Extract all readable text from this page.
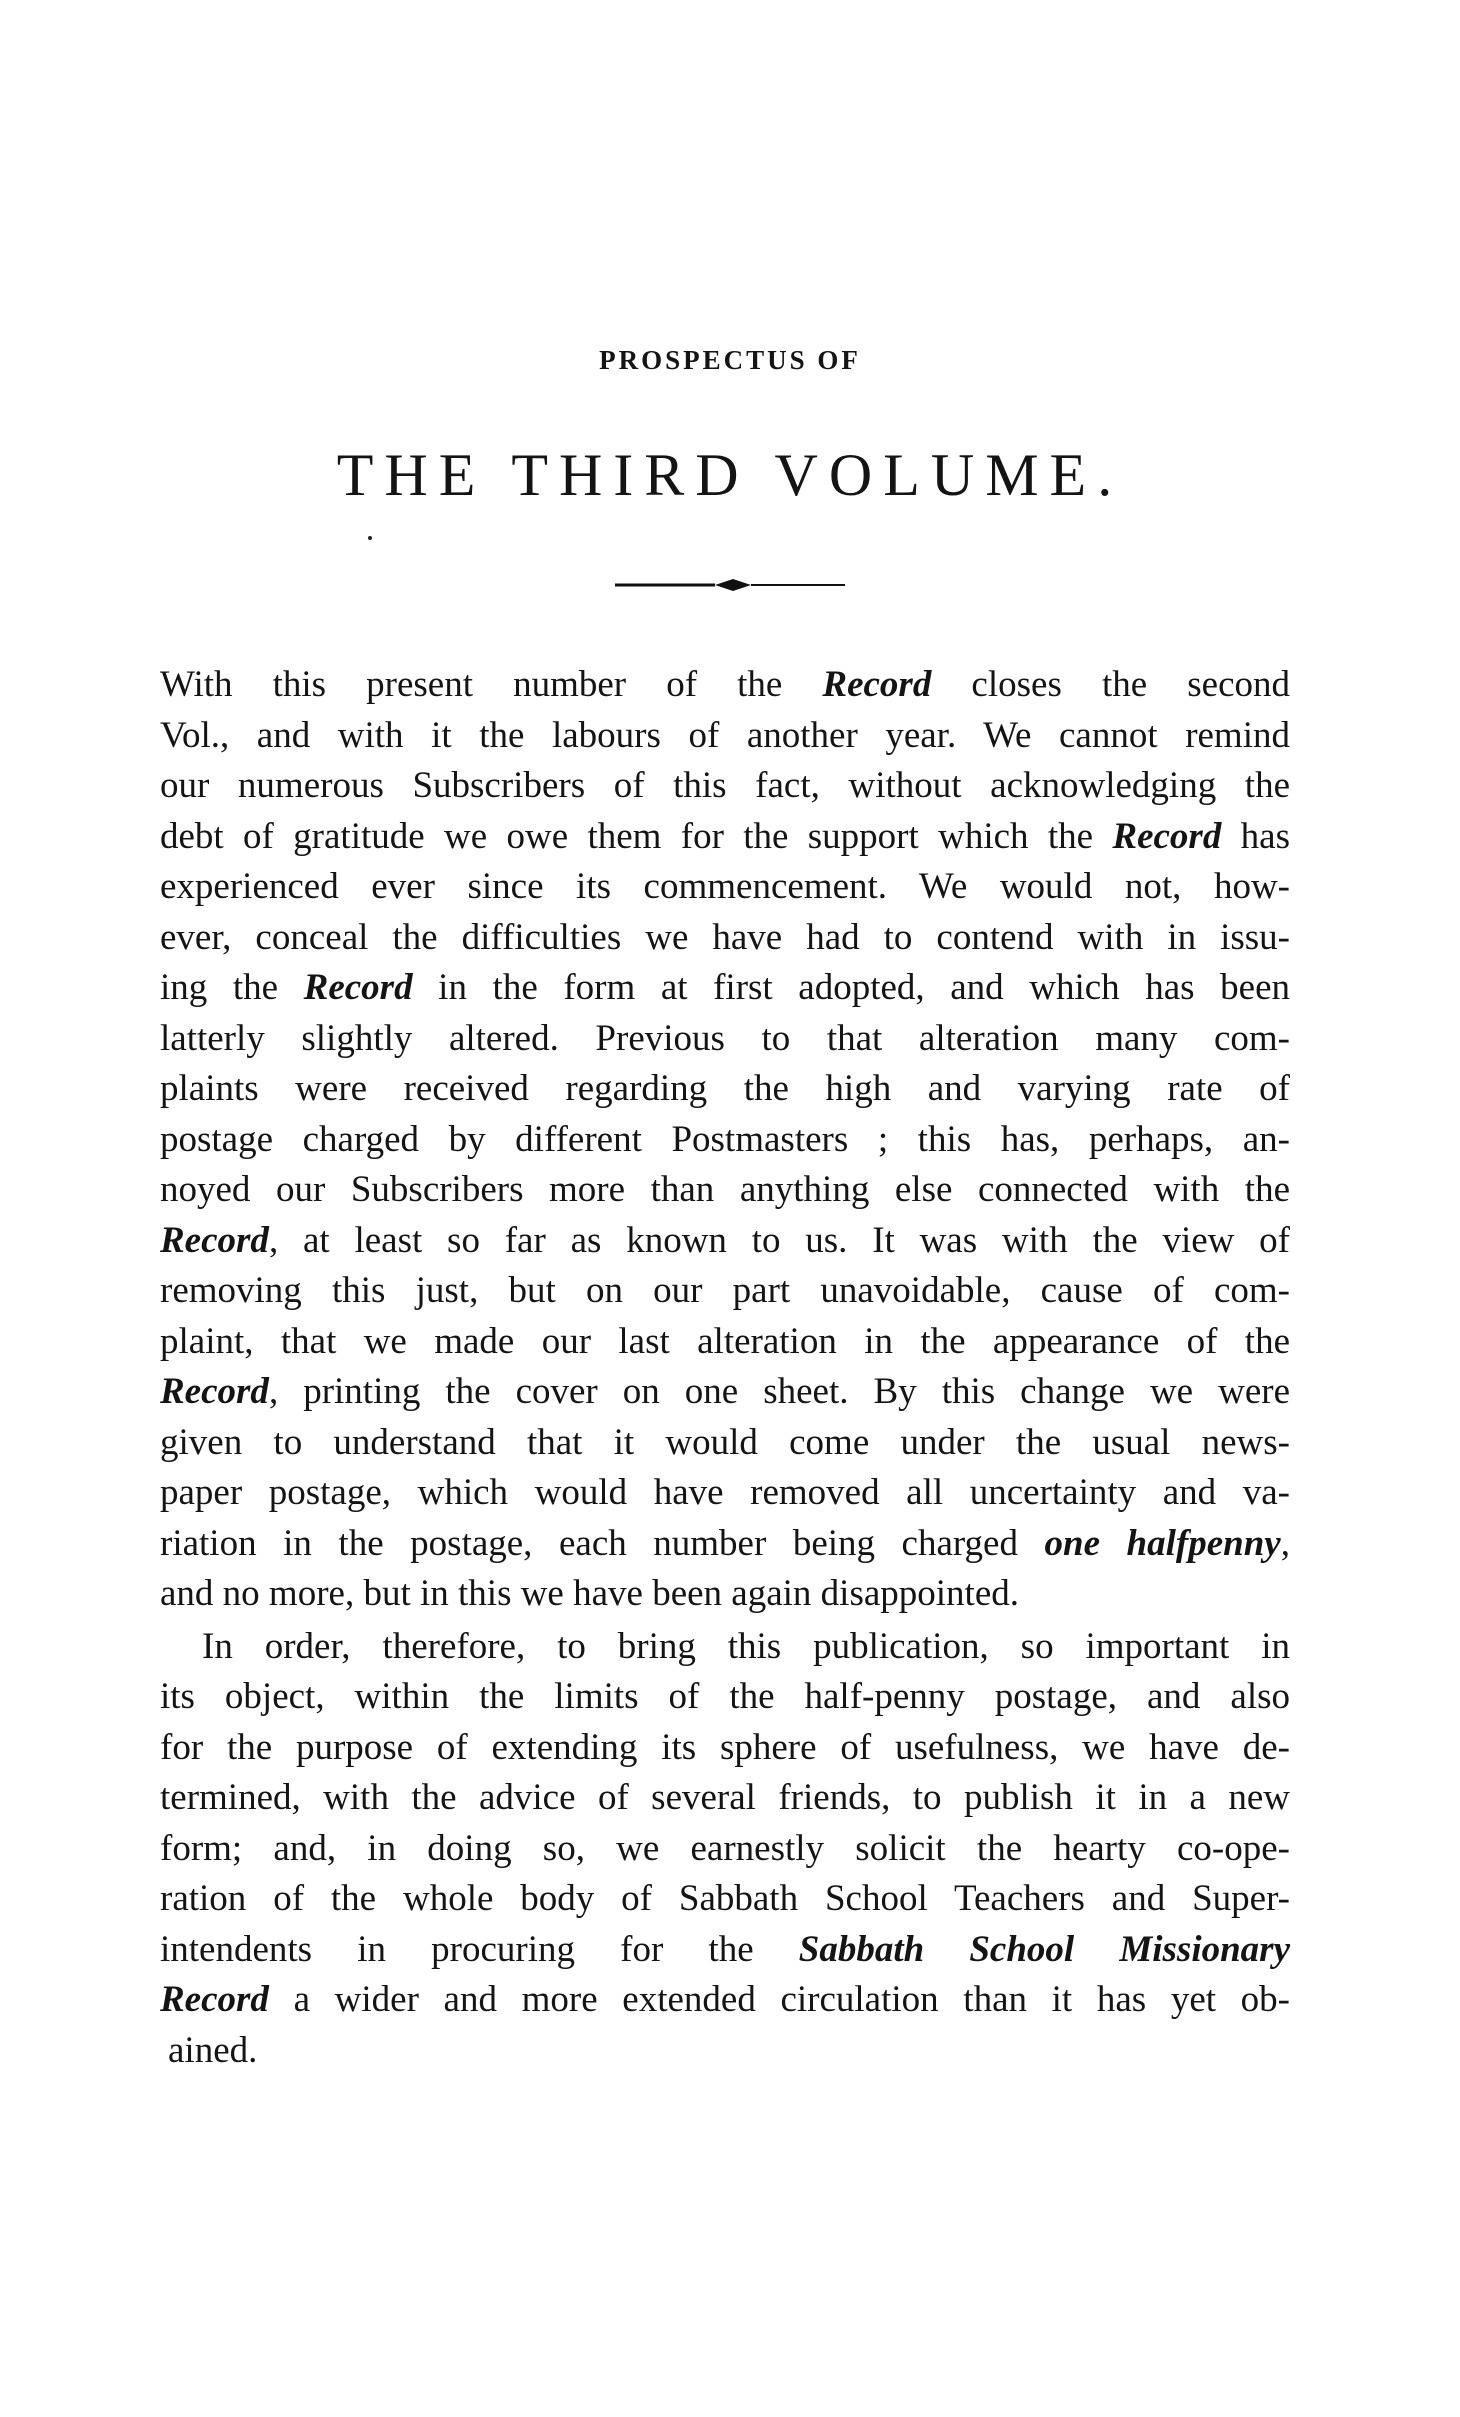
PROSPECTUS OF
THE THIRD VOLUME.
With this present number of the Record closes the second
Vol., and with it the labours of another year. We cannot remind
our numerous Subscribers of this fact, without acknowledging the
debt of gratitude we owe them for the support which the Record has
experienced ever since its commencement. We would not, how-
ever, conceal the difficulties we have had to contend with in issu-
ing the Record in the form at first adopted, and which has been
latterly slightly altered. Previous to that alteration many com-
plaints were received regarding the high and varying rate of
postage charged by different Postmasters ; this has, perhaps, an-
noyed our Subscribers more than anything else connected with the
Record, at least so far as known to us. It was with the view of
removing this just, but on our part unavoidable, cause of com-
plaint, that we made our last alteration in the appearance of the
Record, printing the cover on one sheet. By this change we were
given to understand that it would come under the usual news-
paper postage, which would have removed all uncertainty and va-
riation in the postage, each number being charged one halfpenny,
and no more, but in this we have been again disappointed.
In order, therefore, to bring this publication, so important in
its object, within the limits of the half-penny postage, and also
for the purpose of extending its sphere of usefulness, we have de-
termined, with the advice of several friends, to publish it in a new
form; and, in doing so, we earnestly solicit the hearty co-ope-
ration of the whole body of Sabbath School Teachers and Super-
intendents in procuring for the Sabbath School Missionary
Record a wider and more extended circulation than it has yet ob-
ained.
